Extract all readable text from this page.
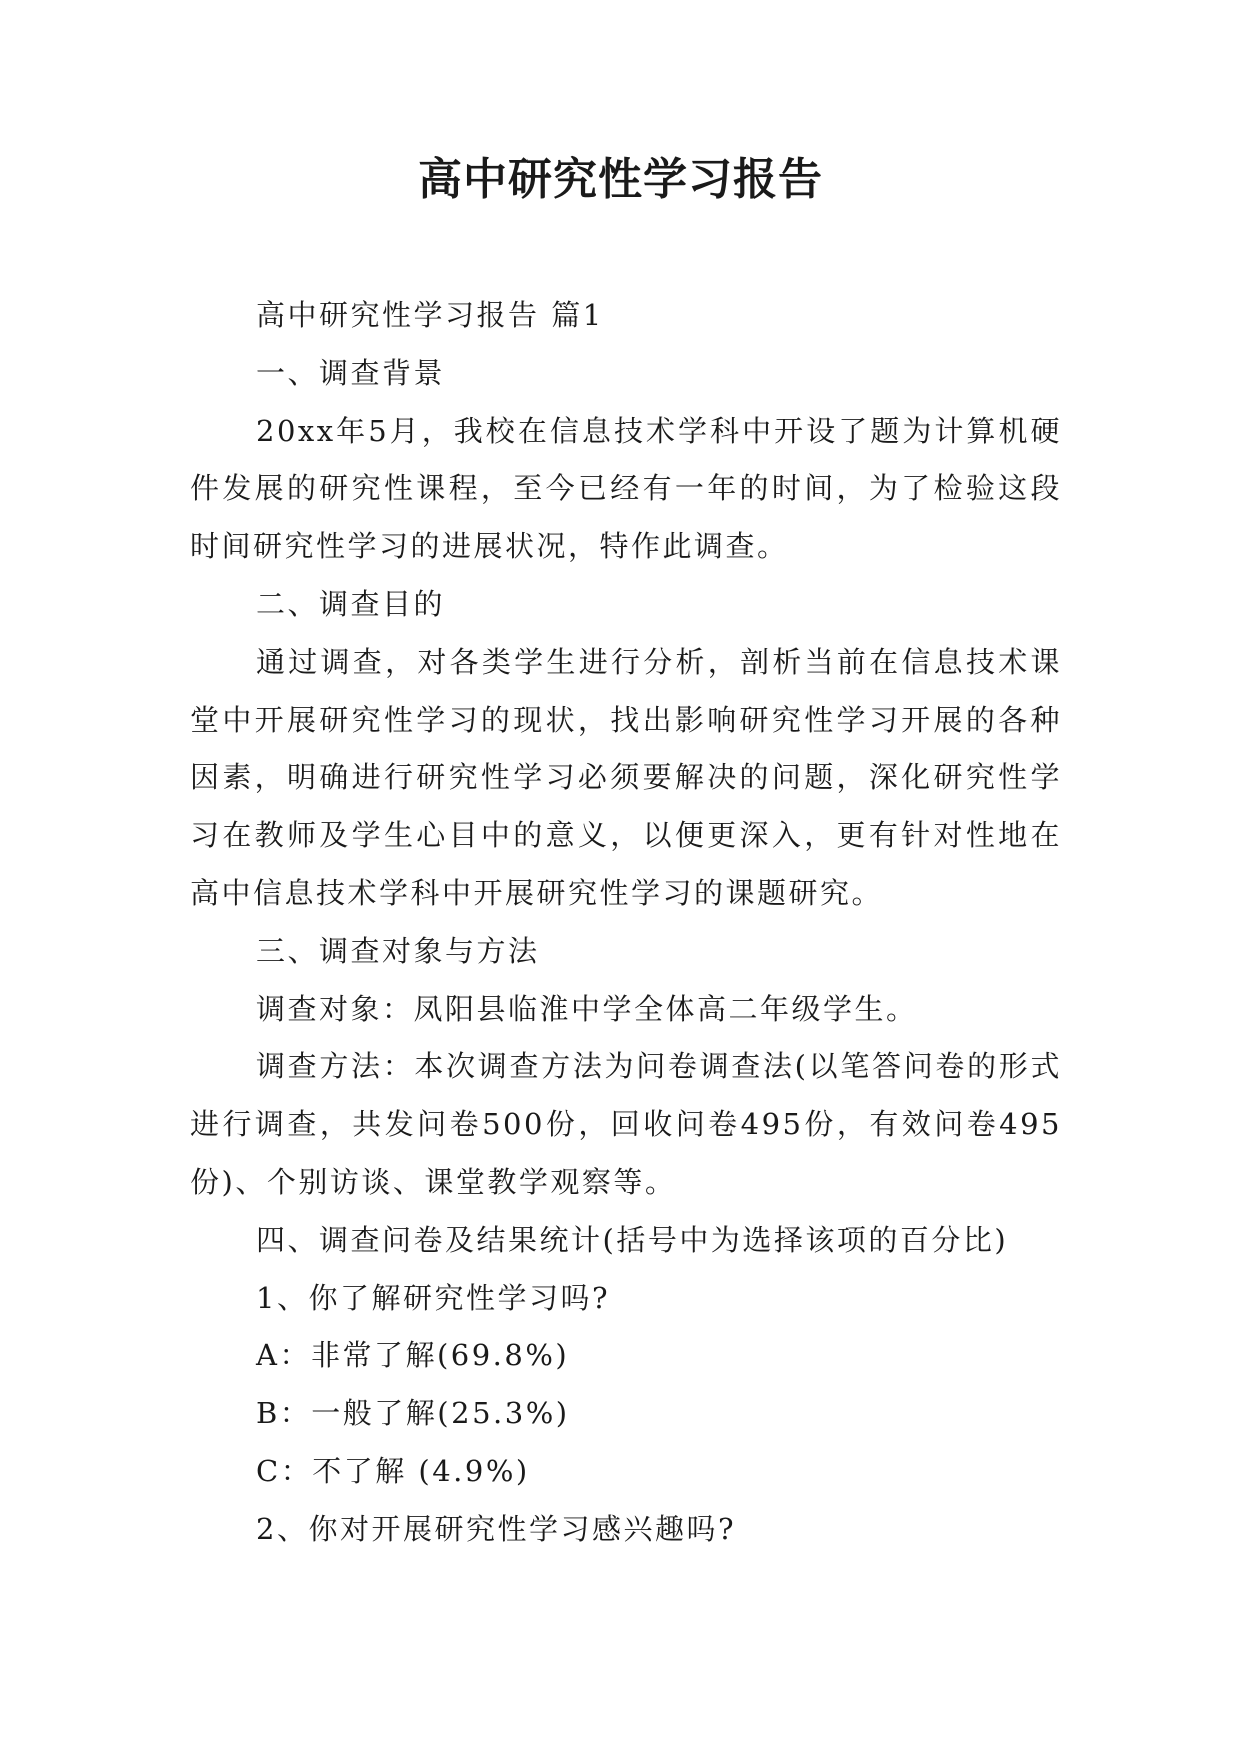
高中研究性学习报告

高中研究性学习报告 篇1

一、调查背景

20xx年5月，我校在信息技术学科中开设了题为计算机硬件发展的研究性课程，至今已经有一年的时间，为了检验这段时间研究性学习的进展状况，特作此调查。

二、调查目的

通过调查，对各类学生进行分析，剖析当前在信息技术课堂中开展研究性学习的现状，找出影响研究性学习开展的各种因素，明确进行研究性学习必须要解决的问题，深化研究性学习在教师及学生心目中的意义，以便更深入，更有针对性地在高中信息技术学科中开展研究性学习的课题研究。

三、调查对象与方法

调查对象：凤阳县临淮中学全体高二年级学生。

调查方法：本次调查方法为问卷调查法(以笔答问卷的形式进行调查，共发问卷500份，回收问卷495份，有效问卷495份)、个别访谈、课堂教学观察等。

四、调查问卷及结果统计(括号中为选择该项的百分比)

1、你了解研究性学习吗?

A：非常了解(69.8%)

B：一般了解(25.3%)

C：不了解 (4.9%)

2、你对开展研究性学习感兴趣吗?
